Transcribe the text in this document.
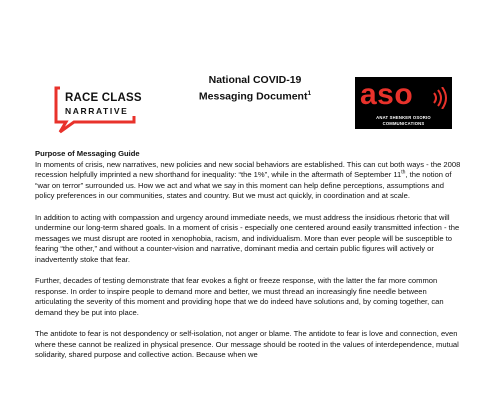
RACE CLASS
NARRATIVE
National COVID-19
Messaging Document$^1$	aso
ANAT SHENKER OSORIO
COMMUNICATIONS
Purpose of Messaging Guide

In moments of crisis, new narratives, new policies and new social behaviors are established. This can cut both ways - the 2008 recession helpfully imprinted a new shorthand for inequality: “the 1%”, while in the aftermath of September 11th, the notion of “war on terror” surrounded us. How we act and what we say in this moment can help define perceptions, assumptions and policy preferences in our communities, states and country. But we must act quickly, in coordination and at scale.

In addition to acting with compassion and urgency around immediate needs, we must address the insidious rhetoric that will undermine our long-term shared goals. In a moment of crisis - especially one centered around easily transmitted infection - the messages we must disrupt are rooted in xenophobia, racism, and individualism. More than ever people will be susceptible to fearing “the other,” and without a counter-vision and narrative, dominant media and certain public figures will actively or inadvertently stoke that fear.

Further, decades of testing demonstrate that fear evokes a fight or freeze response, with the latter the far more common response. In order to inspire people to demand more and better, we must thread an increasingly fine needle between articulating the severity of this moment and providing hope that we do indeed have solutions and, by coming together, can demand they be put into place.

The antidote to fear is not despondency or self-isolation, not anger or blame. The antidote to fear is love and connection, even where these cannot be realized in physical presence. Our message should be rooted in the values of interdependence, mutual solidarity, shared purpose and collective action. Because when we
